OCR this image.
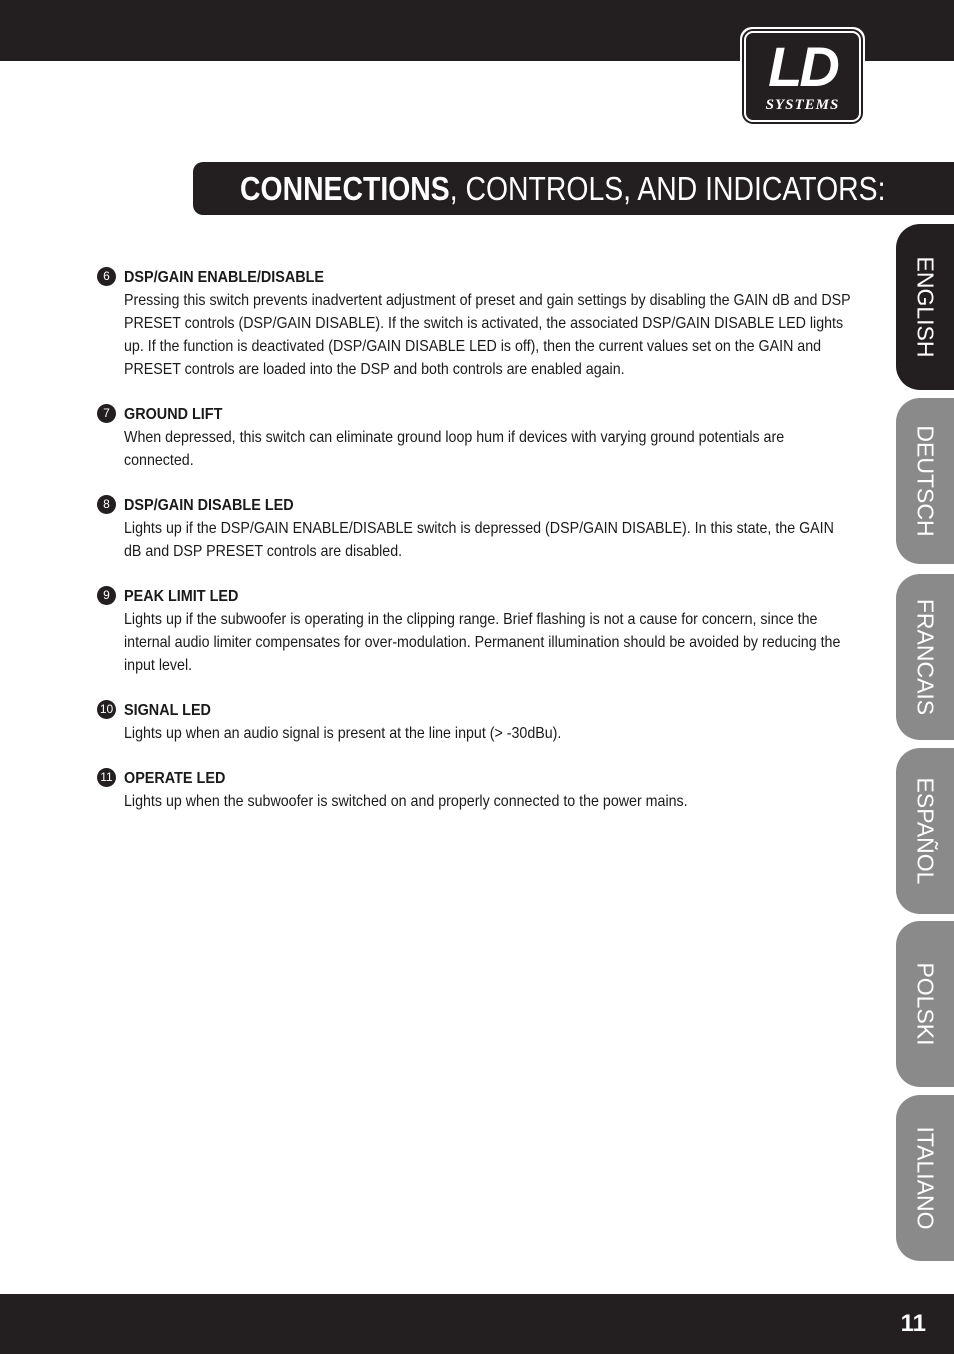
LD
SYSTEMS
CONNECTIONS, CONTROLS, AND INDICATORS:
6 DSP/GAIN ENABLE/DISABLE
Pressing this switch prevents inadvertent adjustment of preset and gain settings by disabling the GAIN dB and DSP PRESET controls (DSP/GAIN DISABLE). If the switch is activated, the associated DSP/GAIN DISABLE LED lights up. If the function is deactivated (DSP/GAIN DISABLE LED is off), then the current values set on the GAIN and PRESET controls are loaded into the DSP and both controls are enabled again.
7 GROUND LIFT
When depressed, this switch can eliminate ground loop hum if devices with varying ground potentials are connected.
8 DSP/GAIN DISABLE LED
Lights up if the DSP/GAIN ENABLE/DISABLE switch is depressed (DSP/GAIN DISABLE). In this state, the GAIN dB and DSP PRESET controls are disabled.
9 PEAK LIMIT LED
Lights up if the subwoofer is operating in the clipping range. Brief flashing is not a cause for concern, since the internal audio limiter compensates for over-modulation. Permanent illumination should be avoided by reducing the input level.
10 SIGNAL LED
Lights up when an audio signal is present at the line input (> -30dBu).
11 OPERATE LED
Lights up when the subwoofer is switched on and properly connected to the power mains.
ENGLISH
DEUTSCH
FRANCAIS
ESPAÑOL
POLSKI
ITALIANO
11
